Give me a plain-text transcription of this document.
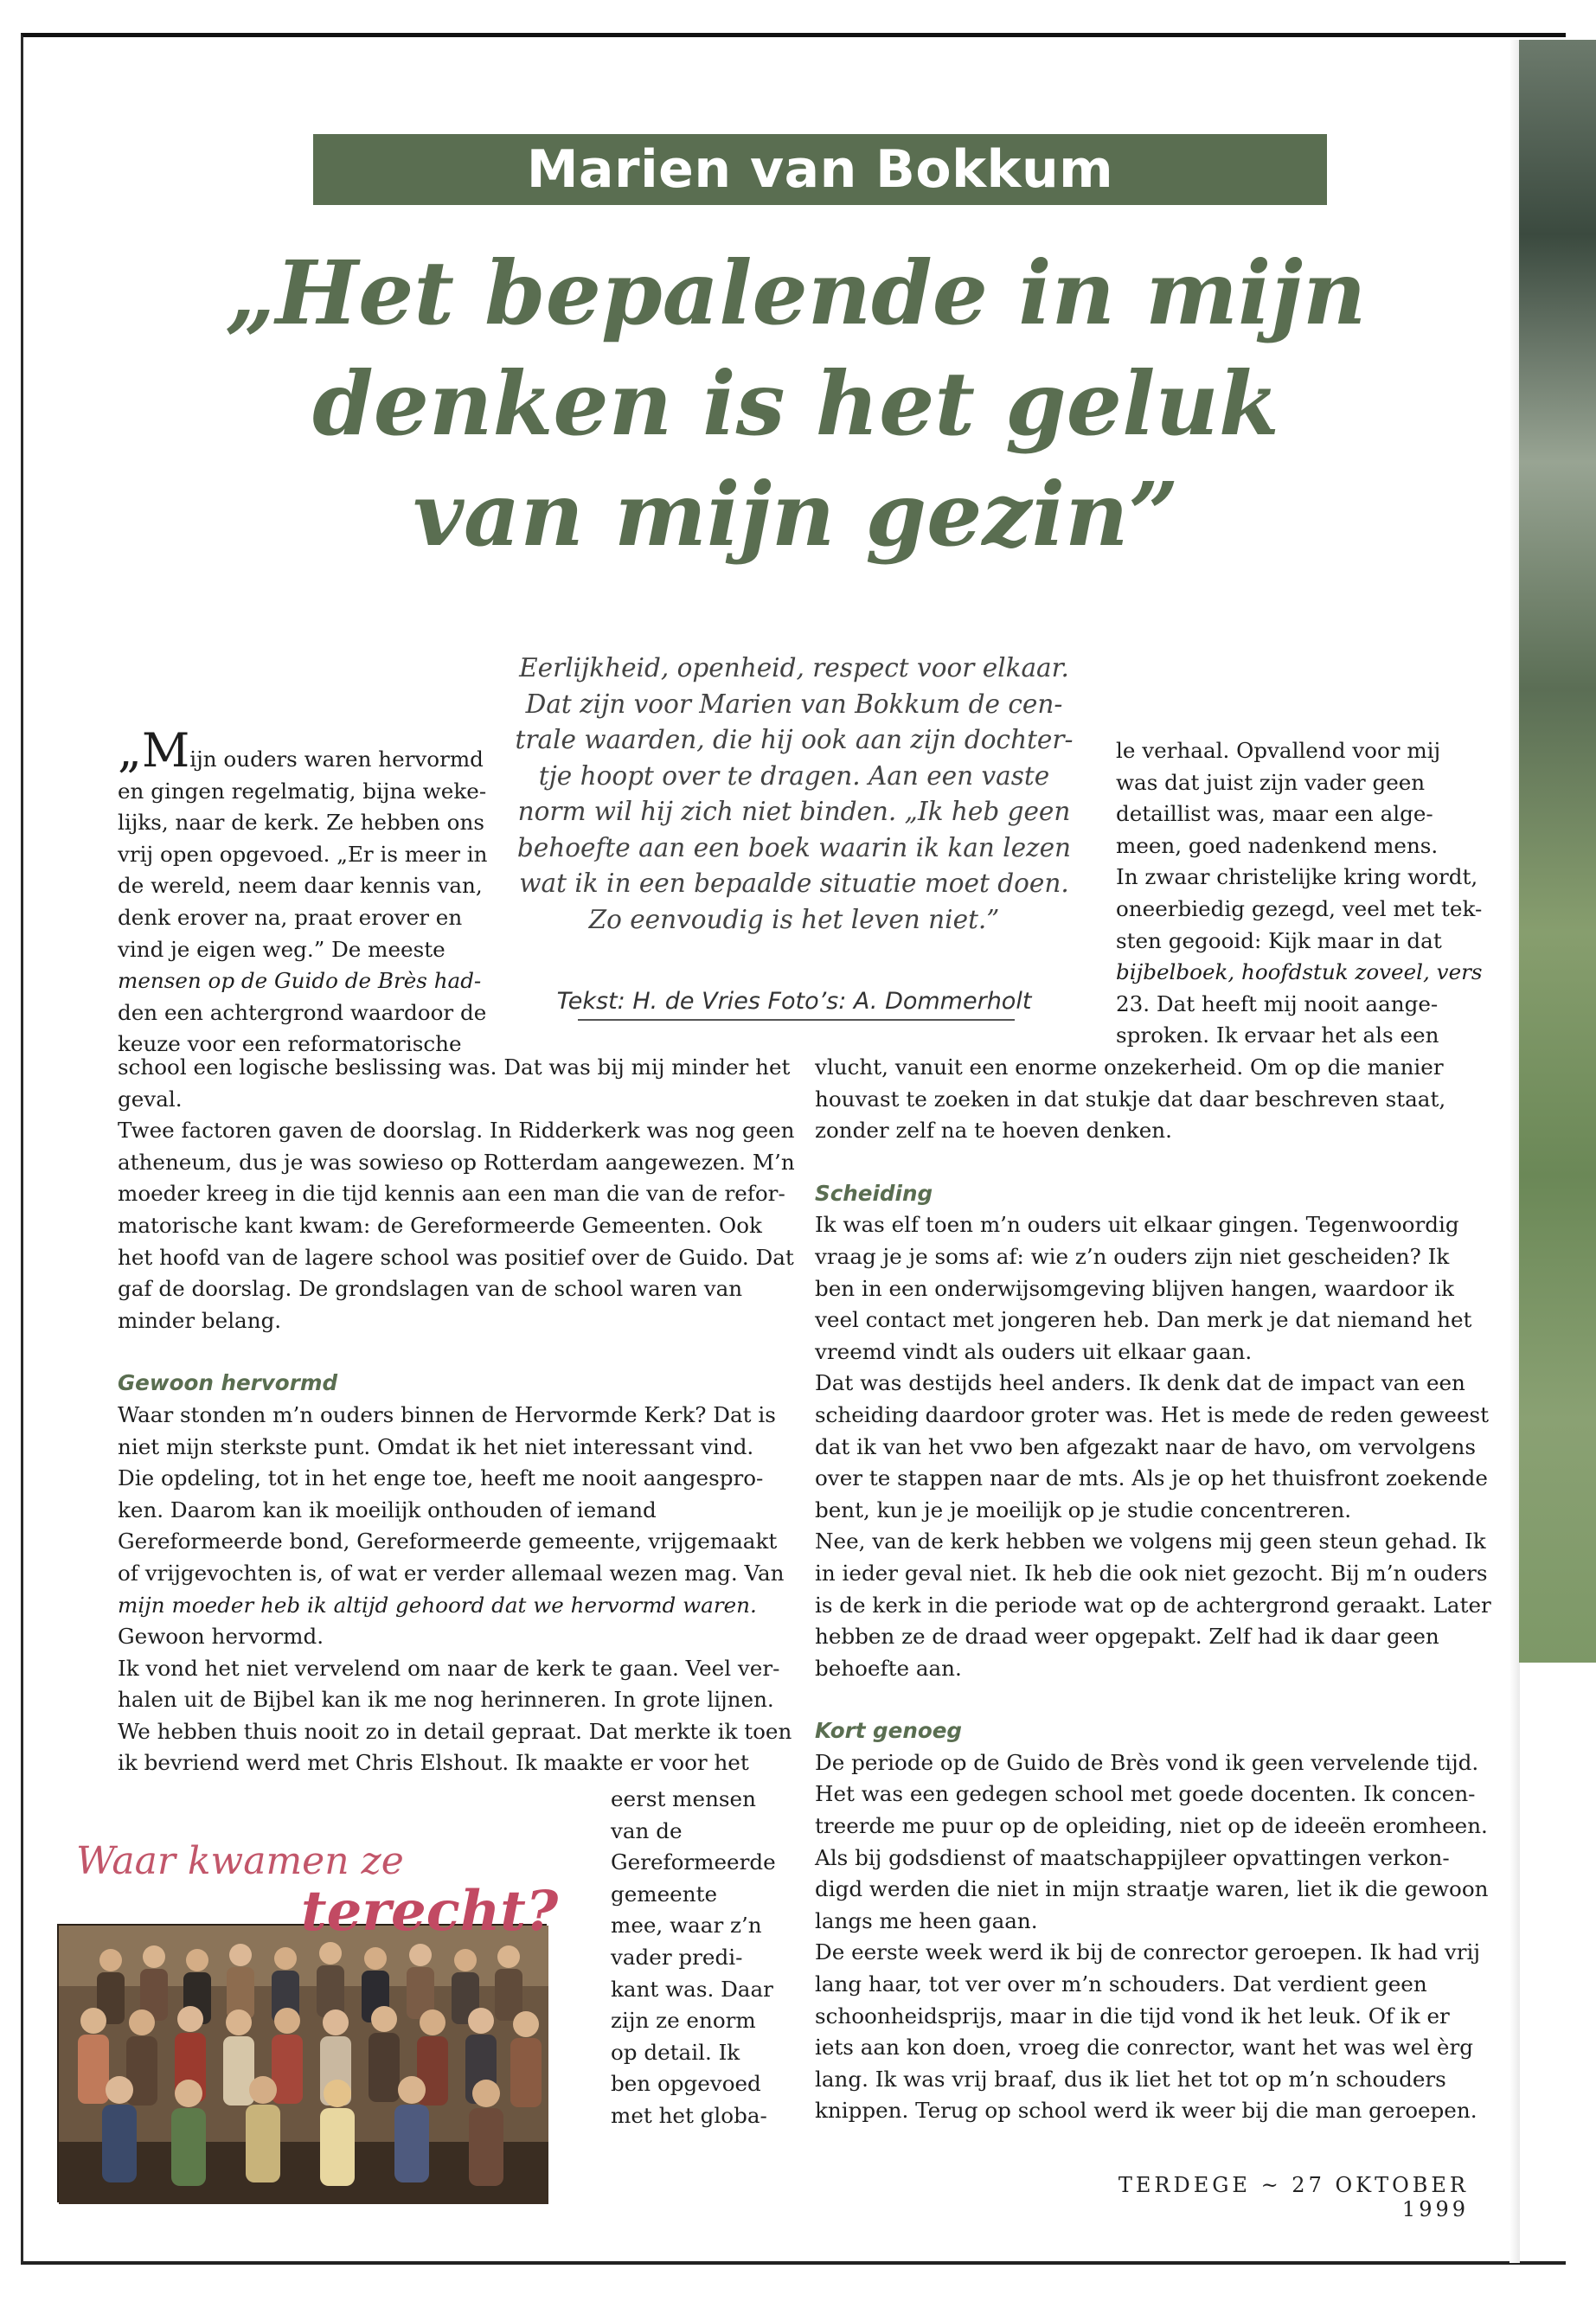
Marien van Bokkum
„Het bepalende in mijn
denken is het geluk
van mijn gezin”
Eerlijkheid, openheid, respect voor elkaar.
Dat zijn voor Marien van Bokkum de cen-
trale waarden, die hij ook aan zijn dochter-
tje hoopt over te dragen. Aan een vaste
norm wil hij zich niet binden. „Ik heb geen
behoefte aan een boek waarin ik kan lezen
wat ik in een bepaalde situatie moet doen.
Zo eenvoudig is het leven niet.”
Tekst: H. de Vries Foto’s: A. Dommerholt
„Mijn ouders waren hervormd
en gingen regelmatig, bijna weke-
lijks, naar de kerk. Ze hebben ons
vrij open opgevoed. „Er is meer in
de wereld, neem daar kennis van,
denk erover na, praat erover en
vind je eigen weg.” De meeste
mensen op de Guido de Brès had-
den een achtergrond waardoor de
keuze voor een reformatorische
school een logische beslissing was. Dat was bij mij minder het
geval.
Twee factoren gaven de doorslag. In Ridderkerk was nog geen
atheneum, dus je was sowieso op Rotterdam aangewezen. M’n
moeder kreeg in die tijd kennis aan een man die van de refor-
matorische kant kwam: de Gereformeerde Gemeenten. Ook
het hoofd van de lagere school was positief over de Guido. Dat
gaf de doorslag. De grondslagen van de school waren van
minder belang.
Gewoon hervormd
Waar stonden m’n ouders binnen de Hervormde Kerk? Dat is
niet mijn sterkste punt. Omdat ik het niet interessant vind.
Die opdeling, tot in het enge toe, heeft me nooit aangespro-
ken. Daarom kan ik moeilijk onthouden of iemand
Gereformeerde bond, Gereformeerde gemeente, vrijgemaakt
of vrijgevochten is, of wat er verder allemaal wezen mag. Van
mijn moeder heb ik altijd gehoord dat we hervormd waren.
Gewoon hervormd.
Ik vond het niet vervelend om naar de kerk te gaan. Veel ver-
halen uit de Bijbel kan ik me nog herinneren. In grote lijnen.
We hebben thuis nooit zo in detail gepraat. Dat merkte ik toen
ik bevriend werd met Chris Elshout. Ik maakte er voor het
eerst mensen
van de
Gereformeerde
gemeente
mee, waar z’n
vader predi-
kant was. Daar
zijn ze enorm
op detail. Ik
ben opgevoed
met het globa-
le verhaal. Opvallend voor mij
was dat juist zijn vader geen
detaillist was, maar een alge-
meen, goed nadenkend mens.
In zwaar christelijke kring wordt,
oneerbiedig gezegd, veel met tek-
sten gegooid: Kijk maar in dat
bijbelboek, hoofdstuk zoveel, vers
23. Dat heeft mij nooit aange-
sproken. Ik ervaar het als een
vlucht, vanuit een enorme onzekerheid. Om op die manier
houvast te zoeken in dat stukje dat daar beschreven staat,
zonder zelf na te hoeven denken.
Scheiding
Ik was elf toen m’n ouders uit elkaar gingen. Tegenwoordig
vraag je je soms af: wie z’n ouders zijn niet gescheiden? Ik
ben in een onderwijsomgeving blijven hangen, waardoor ik
veel contact met jongeren heb. Dan merk je dat niemand het
vreemd vindt als ouders uit elkaar gaan.
Dat was destijds heel anders. Ik denk dat de impact van een
scheiding daardoor groter was. Het is mede de reden geweest
dat ik van het vwo ben afgezakt naar de havo, om vervolgens
over te stappen naar de mts. Als je op het thuisfront zoekende
bent, kun je je moeilijk op je studie concentreren.
Nee, van de kerk hebben we volgens mij geen steun gehad. Ik
in ieder geval niet. Ik heb die ook niet gezocht. Bij m’n ouders
is de kerk in die periode wat op de achtergrond geraakt. Later
hebben ze de draad weer opgepakt. Zelf had ik daar geen
behoefte aan.
Kort genoeg
De periode op de Guido de Brès vond ik geen vervelende tijd.
Het was een gedegen school met goede docenten. Ik concen-
treerde me puur op de opleiding, niet op de ideeën eromheen.
Als bij godsdienst of maatschappijleer opvattingen verkon-
digd werden die niet in mijn straatje waren, liet ik die gewoon
langs me heen gaan.
De eerste week werd ik bij de conrector geroepen. Ik had vrij
lang haar, tot ver over m’n schouders. Dat verdient geen
schoonheidsprijs, maar in die tijd vond ik het leuk. Of ik er
iets aan kon doen, vroeg die conrector, want het was wel èrg
lang. Ik was vrij braaf, dus ik liet het tot op m’n schouders
knippen. Terug op school werd ik weer bij die man geroepen.
Waar kwamen ze
terecht?
TERDEGE ~ 27 OKTOBER 1999
